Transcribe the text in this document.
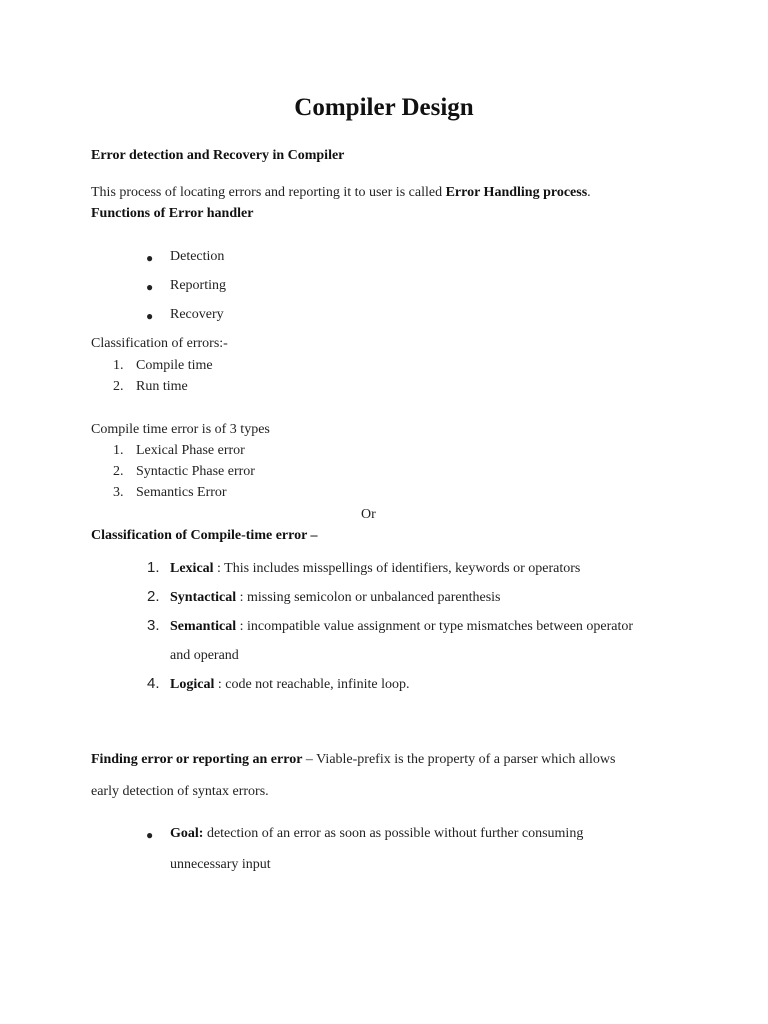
Compiler Design
Error detection and Recovery in Compiler
This process of locating errors and reporting it to user is called Error Handling process.
Functions of Error handler
● Detection
● Reporting
● Recovery
Classification of errors:-
1. Compile time
2. Run time
Compile time error is of 3 types
1. Lexical Phase error
2. Syntactic Phase error
3. Semantics Error
Or
Classification of Compile-time error –
1. Lexical : This includes misspellings of identifiers, keywords or operators
2. Syntactical : missing semicolon or unbalanced parenthesis
3. Semantical : incompatible value assignment or type mismatches between operator
and operand
4. Logical : code not reachable, infinite loop.
Finding error or reporting an error – Viable-prefix is the property of a parser which allows
early detection of syntax errors.
● Goal: detection of an error as soon as possible without further consuming
unnecessary input
